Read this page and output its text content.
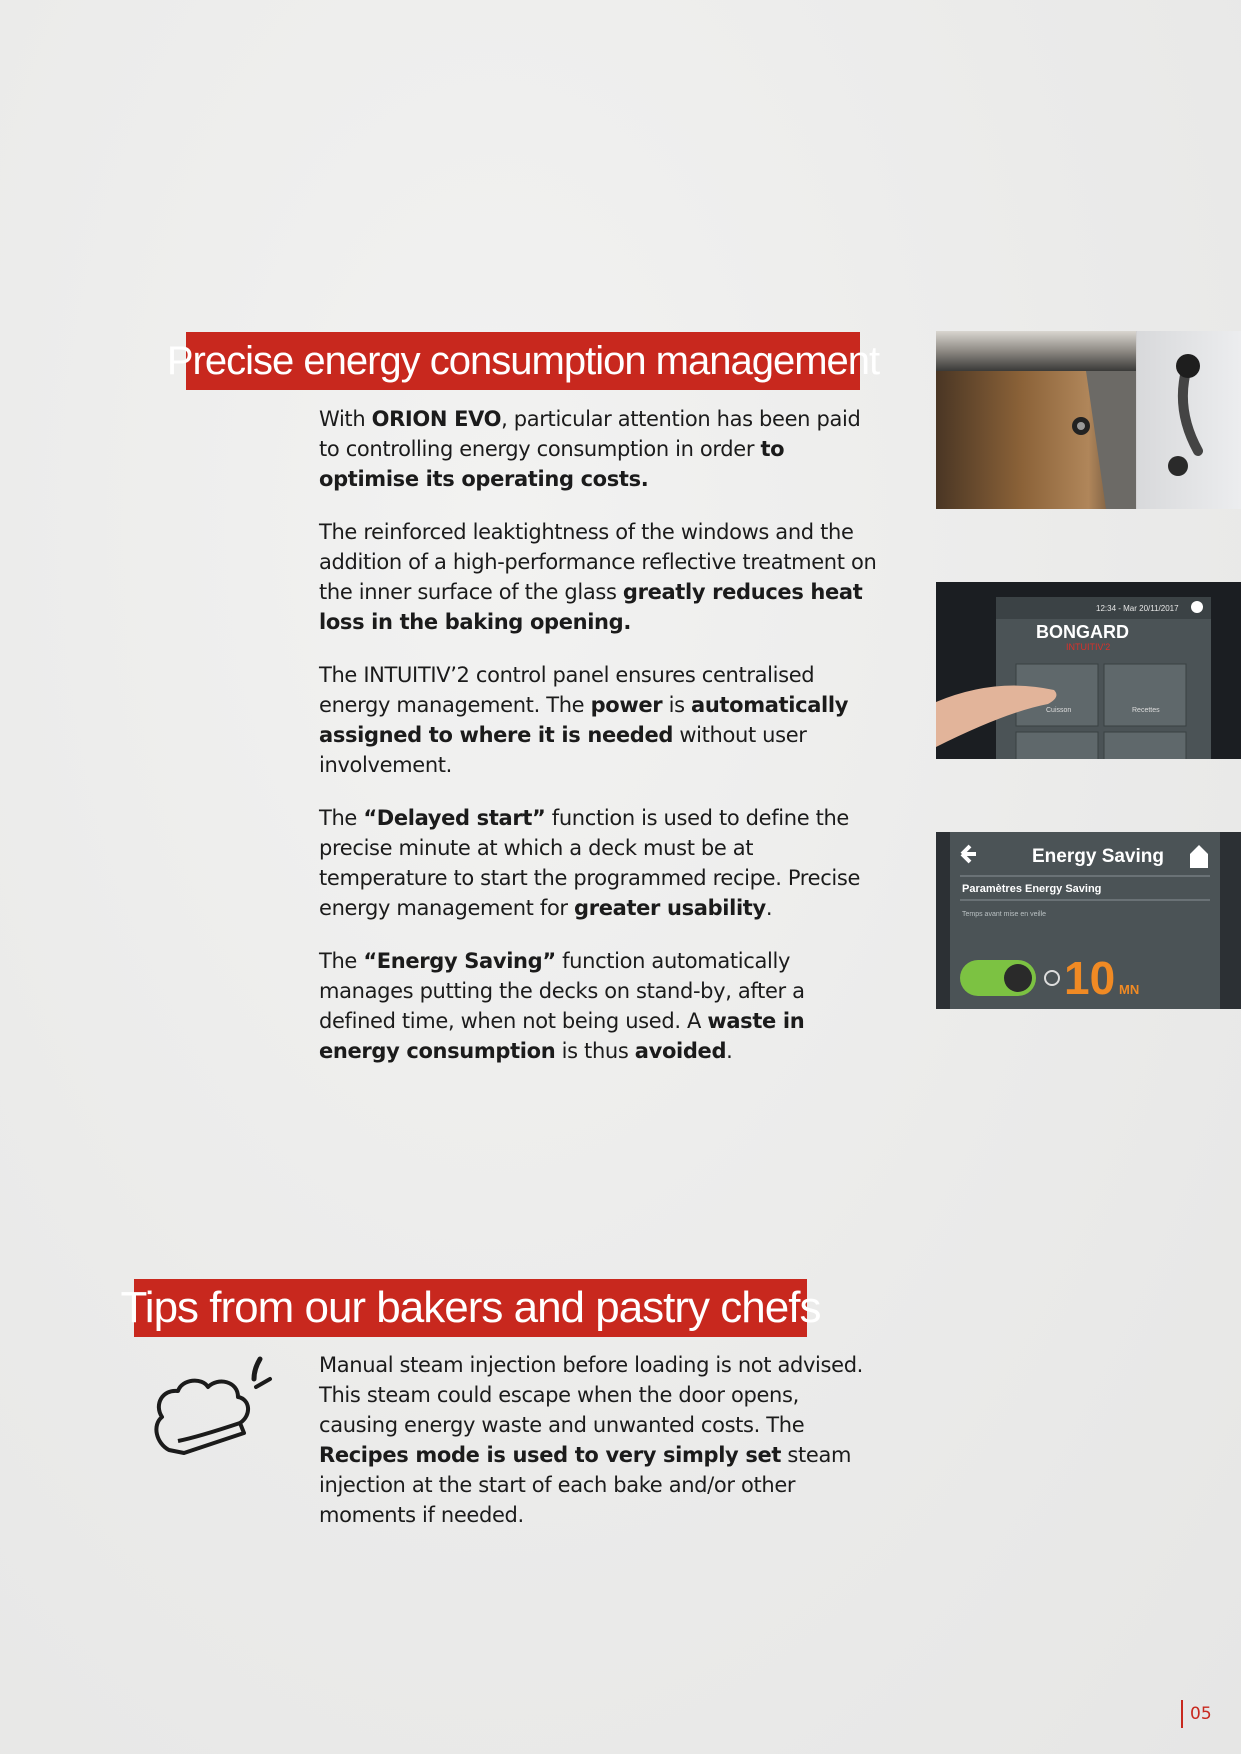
Precise energy consumption management

With ORION EVO, particular attention has been paid to controlling energy consumption in order to optimise its operating costs.

The reinforced leaktightness of the windows and the addition of a high-performance reflective treatment on the inner surface of the glass greatly reduces heat loss in the baking opening.

The INTUITIV’2 control panel ensures centralised energy management. The power is automatically assigned to where it is needed without user involvement.

The “Delayed start” function is used to define the precise minute at which a deck must be at temperature to start the programmed recipe. Precise energy management for greater usability.

The “Energy Saving” function automatically manages putting the decks on stand-by, after a defined time, when not being used. A waste in energy consumption is thus avoided.

12:34 - Mar 20/11/2017
BONGARD
INTUITIV'2
Cuisson	Recettes
Energy Saving
Paramètres Energy Saving
Temps avant mise en veille
10 MN
Tips from our bakers and pastry chefs

Manual steam injection before loading is not advised. This steam could escape when the door opens, causing energy waste and unwanted costs. The Recipes mode is used to very simply set steam injection at the start of each bake and/or other moments if needed.

05
